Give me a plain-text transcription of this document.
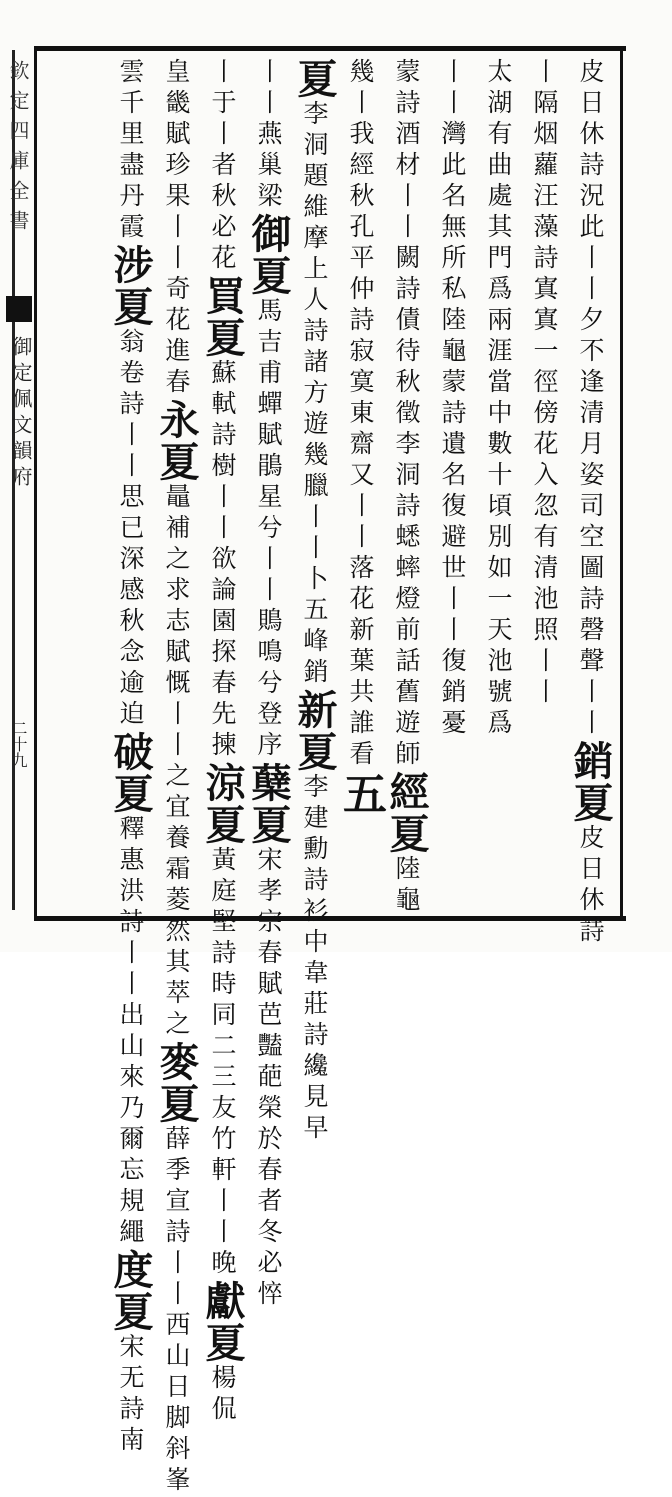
欽定四庫全書
御定佩文韻府
二十九
皮日休詩況此丨丨夕不逢清月姿司空圖詩磬聲丨丨銷夏皮日休詩
丨隔烟蘿汪藻詩寘寘一徑傍花入忽有清池照丨丨
太湖有曲處其門爲兩涯當中數十頃別如一天池號爲
丨丨灣此名無所私陸龜蒙詩遺名復避世丨丨復銷憂
蒙詩酒材丨丨闕詩債待秋徵李洞詩蟋蟀燈前話舊遊師經夏陸龜
幾丨我經秋孔平仲詩寂寞東齋又丨丨落花新葉共誰看五
夏李洞題維摩上人詩諸方遊幾臘丨丨卜五峰銷新夏李建勳詩衫中韋莊詩纔見早
丨丨燕巢梁御夏馬吉甫蟬賦鵑星兮丨丨鵙鳴兮登序蘖夏宋孝宗春賦芭豔葩榮於春者冬必悴
丨于丨者秋必花買夏蘇軾詩樹丨丨欲論園探春先揀涼夏黃庭堅詩時同二三友竹軒丨丨晚獻夏楊侃
皇畿賦珍果丨丨奇花進春永夏鼂補之求志賦慨丨丨之宜養霜菱然其萃之麥夏薛季宣詩丨丨西山日脚斜峯
雲千里盡丹霞涉夏翁卷詩丨丨思已深感秋念逾迫破夏釋惠洪詩丨丨出山來乃爾忘規繩度夏宋无詩南
